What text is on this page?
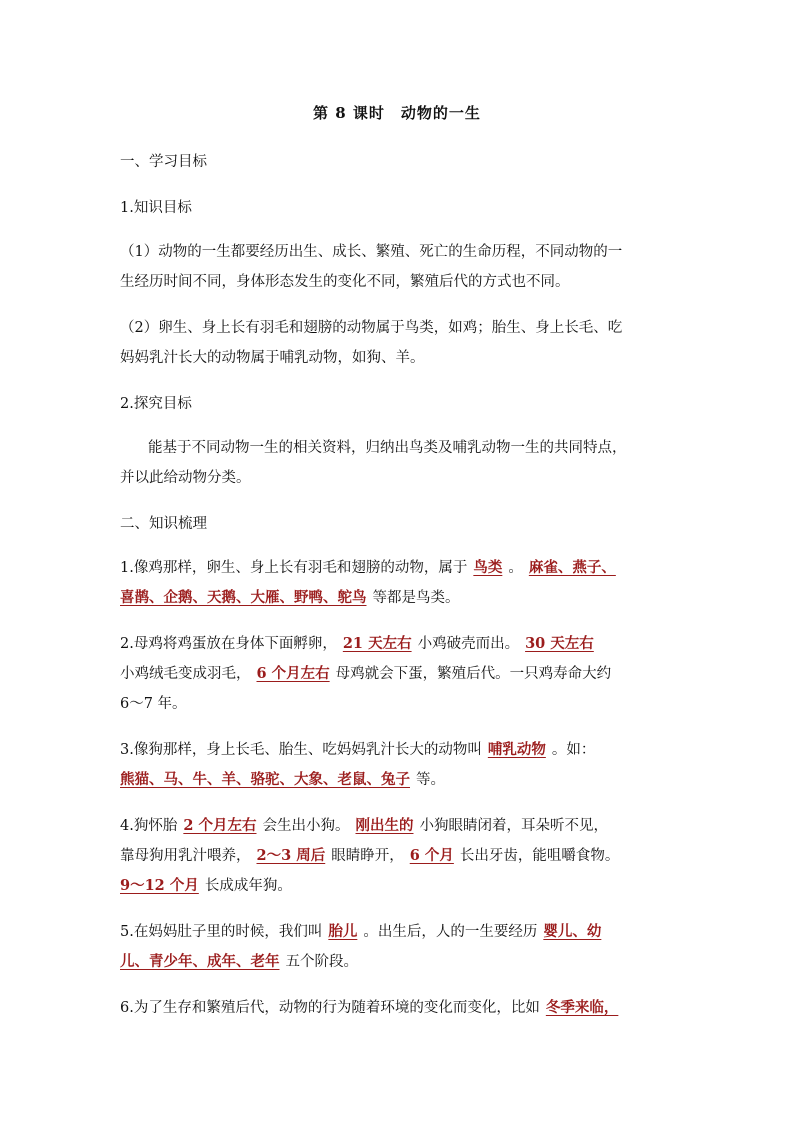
第 8 课时　动物的一生
一、学习目标
1.知识目标
（1）动物的一生都要经历出生、成长、繁殖、死亡的生命历程，不同动物的一
生经历时间不同，身体形态发生的变化不同，繁殖后代的方式也不同。
（2）卵生、身上长有羽毛和翅膀的动物属于鸟类，如鸡；胎生、身上长毛、吃
妈妈乳汁长大的动物属于哺乳动物，如狗、羊。
2.探究目标
能基于不同动物一生的相关资料，归纳出鸟类及哺乳动物一生的共同特点，
并以此给动物分类。
二、知识梳理
1.像鸡那样，卵生、身上长有羽毛和翅膀的动物，属于 鸟类 。 麻雀、燕子、
喜鹊、企鹅、天鹅、大雁、野鸭、鸵鸟 等都是鸟类。
2.母鸡将鸡蛋放在身体下面孵卵， 21 天左右 小鸡破壳而出。 30 天左右
小鸡绒毛变成羽毛， 6 个月左右 母鸡就会下蛋，繁殖后代。一只鸡寿命大约
6～7 年。
3.像狗那样，身上长毛、胎生、吃妈妈乳汁长大的动物叫 哺乳动物 。如：
熊猫、马、牛、羊、骆驼、大象、老鼠、兔子 等。
4.狗怀胎 2 个月左右 会生出小狗。 刚出生的 小狗眼睛闭着，耳朵听不见，
靠母狗用乳汁喂养， 2～3 周后 眼睛睁开， 6 个月 长出牙齿，能咀嚼食物。
9～12 个月 长成成年狗。
5.在妈妈肚子里的时候，我们叫 胎儿 。出生后，人的一生要经历 婴儿、幼
儿、青少年、成年、老年 五个阶段。
6.为了生存和繁殖后代，动物的行为随着环境的变化而变化，比如 冬季来临，
